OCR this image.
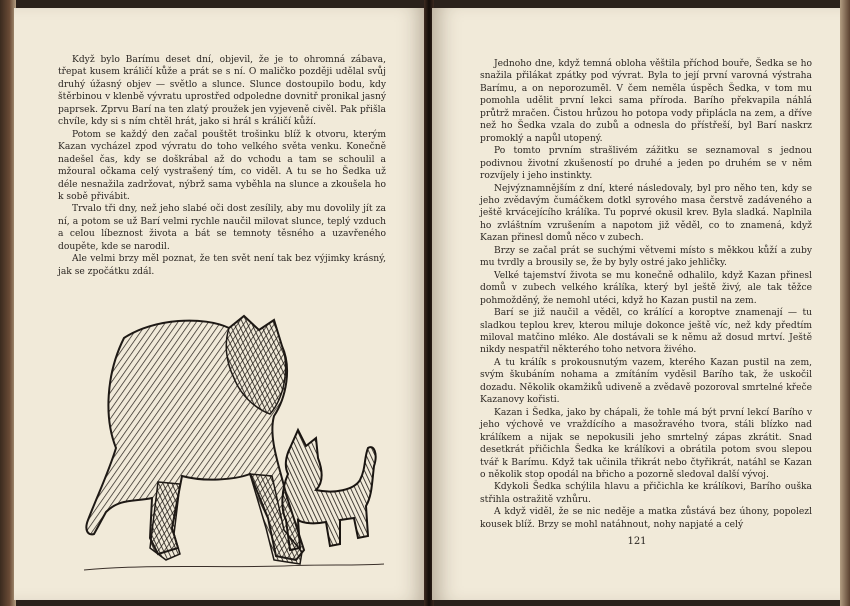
Když bylo Barímu deset dní, objevil, že je to ohromná zábava, třepat kusem králičí kůže a prát se s ní. O maličko později udělal svůj druhý úžasný objev — světlo a slunce. Slunce dostoupilo bodu, kdy štěrbinou v klenbě vývratu uprostřed odpoledne dovnitř pronikal jasný paprsek. Zprvu Barí na ten zlatý proužek jen vyjeveně civěl. Pak přišla chvíle, kdy si s ním chtěl hrát, jako si hrál s králičí kůží.

Potom se každý den začal pouštět trošinku blíž k otvoru, kterým Kazan vycházel zpod vývratu do toho velkého světa venku. Konečně nadešel čas, kdy se doškrábal až do vchodu a tam se schoulil a mžoural očkama celý vystrašený tím, co viděl. A tu se ho Šedka už déle nesnažila zadržovat, nýbrž sama vyběhla na slunce a zkoušela ho k sobě přivábit.

Trvalo tři dny, než jeho slabé oči dost zesílily, aby mu dovolily jít za ní, a potom se už Barí velmi rychle naučil milovat slunce, teplý vzduch a celou líbeznost života a bát se temnoty těsného a uzavřeného doupěte, kde se narodil.

Ale velmi brzy měl poznat, že ten svět není tak bez výjimky krásný, jak se zpočátku zdál.

Jednoho dne, když temná obloha věštila příchod bouře, Šedka se ho snažila přilákat zpátky pod vývrat. Byla to její první varovná výstraha Barímu, a on neporozuměl. V čem neměla úspěch Šedka, v tom mu pomohla udělit první lekci sama příroda. Barího překvapila náhlá průtrž mračen. Čistou hrůzou ho potopa vody připlácla na zem, a dříve než ho Šedka vzala do zubů a odnesla do přístřeší, byl Barí naskrz promoklý a napůl utopený.

Po tomto prvním strašlivém zážitku se seznamoval s jednou podivnou životní zkušeností po druhé a jeden po druhém se v něm rozvíjely i jeho instinkty.

Nejvýznamnějším z dní, které následovaly, byl pro něho ten, kdy se jeho zvědavým čumáčkem dotkl syrového masa čerstvě zadáveného a ještě krvácejícího králíka. Tu poprvé okusil krev. Byla sladká. Naplnila ho zvláštním vzrušením a napotom již věděl, co to znamená, když Kazan přinesl domů něco v zubech.

Brzy se začal prát se suchými větvemi místo s měkkou kůží a zuby mu tvrdly a brousily se, že by byly ostré jako jehličky.

Velké tajemství života se mu konečně odhalilo, když Kazan přinesl domů v zubech velkého králíka, který byl ještě živý, ale tak těžce pohmožděný, že nemohl utéci, když ho Kazan pustil na zem.

Barí se již naučil a věděl, co králící a koroptve znamenají — tu sladkou teplou krev, kterou miluje dokonce ještě víc, než kdy předtím miloval matčino mléko. Ale dostávali se k němu až dosud mrtví. Ještě nikdy nespatřil některého toho netvora živého.

A tu králík s prokousnutým vazem, kterého Kazan pustil na zem, svým škubáním nohama a zmítáním vyděsil Barího tak, že uskočil dozadu. Několik okamžiků udiveně a zvědavě pozoroval smrtelné křeče Kazanovy kořisti.

Kazan i Šedka, jako by chápali, že tohle má být první lekcí Barího v jeho výchově ve vraždícího a masožravého tvora, stáli blízko nad králíkem a nijak se nepokusili jeho smrtelný zápas zkrátit. Snad desetkrát přičichla Šedka ke králíkovi a obrátila potom svou slepou tvář k Barímu. Když tak učinila třikrát nebo čtyřikrát, natáhl se Kazan o několik stop opodál na břicho a pozorně sledoval další vývoj.

Kdykoli Šedka schýlila hlavu a přičichla ke králíkovi, Barího ouška střihla ostražitě vzhůru.

A když viděl, že se nic neděje a matka zůstává bez úhony, popolezl kousek blíž. Brzy se mohl natáhnout, nohy napjaté a celý

121
